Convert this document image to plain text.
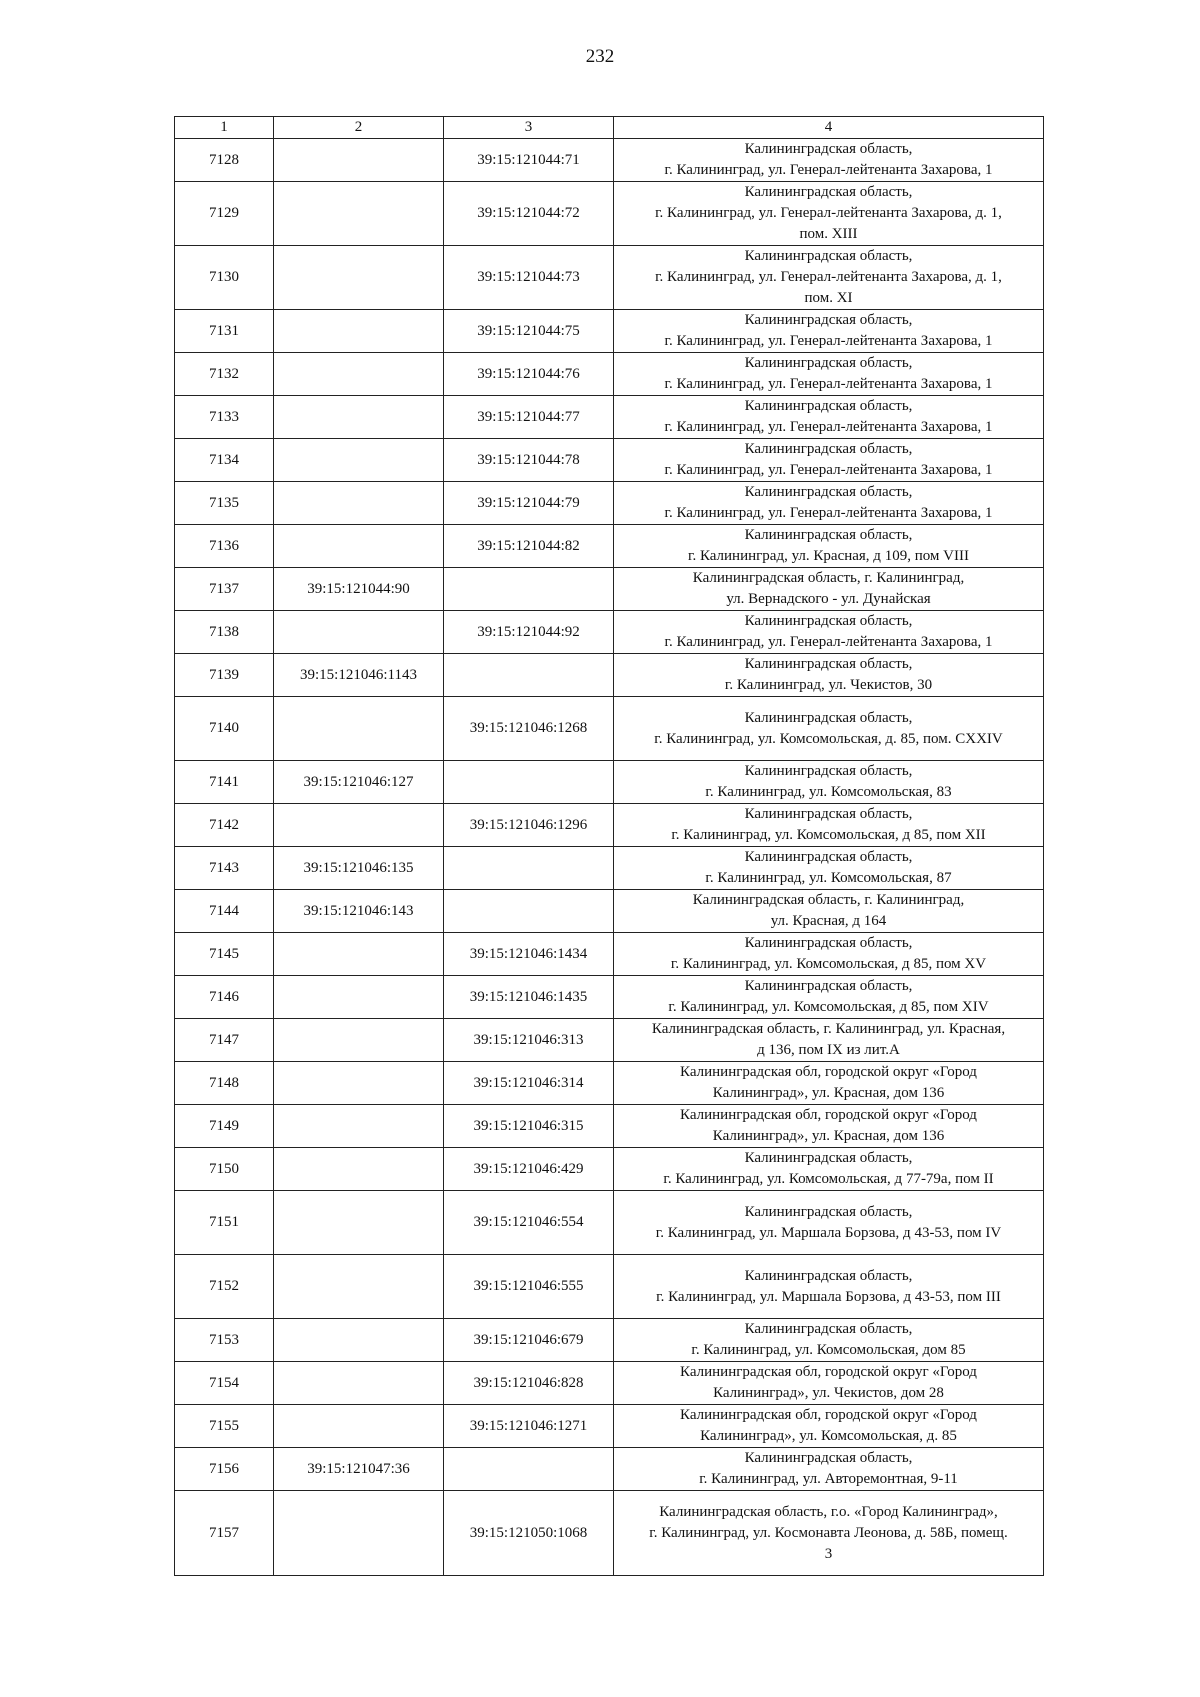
232
1	2	3	4
7128		39:15:121044:71	Калининградская область,
г. Калининград, ул. Генерал-лейтенанта Захарова, 1

7129		39:15:121044:72	Калининградская область,
г. Калининград, ул. Генерал-лейтенанта Захарова, д. 1,
пом. XIII

7130		39:15:121044:73	Калининградская область,
г. Калининград, ул. Генерал-лейтенанта Захарова, д. 1,
пом. XI

7131		39:15:121044:75	Калининградская область,
г. Калининград, ул. Генерал-лейтенанта Захарова, 1

7132		39:15:121044:76	Калининградская область,
г. Калининград, ул. Генерал-лейтенанта Захарова, 1

7133		39:15:121044:77	Калининградская область,
г. Калининград, ул. Генерал-лейтенанта Захарова, 1

7134		39:15:121044:78	Калининградская область,
г. Калининград, ул. Генерал-лейтенанта Захарова, 1

7135		39:15:121044:79	Калининградская область,
г. Калининград, ул. Генерал-лейтенанта Захарова, 1

7136		39:15:121044:82	Калининградская область,
г. Калининград, ул. Красная, д 109, пом VIII

7137	39:15:121044:90		Калининградская область, г. Калининград,
ул. Вернадского - ул. Дунайская

7138		39:15:121044:92	Калининградская область,
г. Калининград, ул. Генерал-лейтенанта Захарова, 1

7139	39:15:121046:1143		Калининградская область,
г. Калининград, ул. Чекистов, 30

7140		39:15:121046:1268	Калининградская область,
г. Калининград, ул. Комсомольская, д. 85, пом. CXXIV

7141	39:15:121046:127		Калининградская область,
г. Калининград, ул. Комсомольская, 83

7142		39:15:121046:1296	Калининградская область,
г. Калининград, ул. Комсомольская, д 85, пом XII

7143	39:15:121046:135		Калининградская область,
г. Калининград, ул. Комсомольская, 87

7144	39:15:121046:143		Калининградская область, г. Калининград,
ул. Красная, д 164

7145		39:15:121046:1434	Калининградская область,
г. Калининград, ул. Комсомольская, д 85, пом XV

7146		39:15:121046:1435	Калининградская область,
г. Калининград, ул. Комсомольская, д 85, пом XIV

7147		39:15:121046:313	Калининградская область, г. Калининград, ул. Красная,
д 136, пом IX из лит.А

7148		39:15:121046:314	Калининградская обл, городской округ «Город
Калининград», ул. Красная, дом 136

7149		39:15:121046:315	Калининградская обл, городской округ «Город
Калининград», ул. Красная, дом 136

7150		39:15:121046:429	Калининградская область,
г. Калининград, ул. Комсомольская, д 77-79а, пом II

7151		39:15:121046:554	Калининградская область,
г. Калининград, ул. Маршала Борзова, д 43-53, пом IV

7152		39:15:121046:555	Калининградская область,
г. Калининград, ул. Маршала Борзова, д 43-53, пом III

7153		39:15:121046:679	Калининградская область,
г. Калининград, ул. Комсомольская, дом 85

7154		39:15:121046:828	Калининградская обл, городской округ «Город
Калининград», ул. Чекистов, дом 28

7155		39:15:121046:1271	Калининградская обл, городской округ «Город
Калининград», ул. Комсомольская, д. 85

7156	39:15:121047:36		Калининградская область,
г. Калининград, ул. Авторемонтная, 9-11

7157		39:15:121050:1068	Калининградская область, г.о. «Город Калининград»,
г. Калининград, ул. Космонавта Леонова, д. 58Б, помещ.
3
